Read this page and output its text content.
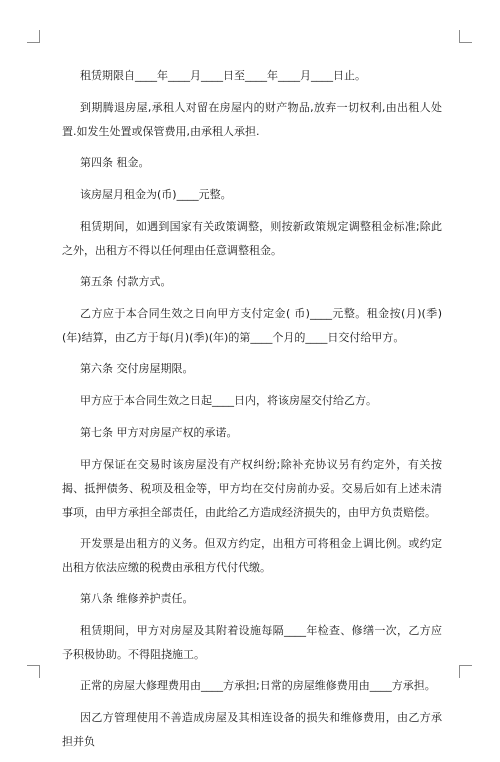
租赁期限自____年____月____日至____年____月____日止。

到期腾退房屋,承租人对留在房屋内的财产物品,放弃一切权利,由出租人处置.如发生处置或保管费用,由承租人承担.

第四条 租金。

该房屋月租金为(币)____元整。

租赁期间，如遇到国家有关政策调整，则按新政策规定调整租金标准;除此之外，出租方不得以任何理由任意调整租金。

第五条 付款方式。

乙方应于本合同生效之日向甲方支付定金( 币)____元整。租金按(月)(季)(年)结算，由乙方于每(月)(季)(年)的第____个月的____日交付给甲方。

第六条 交付房屋期限。

甲方应于本合同生效之日起____日内，将该房屋交付给乙方。

第七条 甲方对房屋产权的承诺。

甲方保证在交易时该房屋没有产权纠纷;除补充协议另有约定外，有关按揭、抵押债务、税项及租金等，甲方均在交付房前办妥。交易后如有上述未清事项，由甲方承担全部责任，由此给乙方造成经济损失的，由甲方负责赔偿。

开发票是出租方的义务。但双方约定，出租方可将租金上调比例。或约定出租方依法应缴的税费由承租方代付代缴。

第八条 维修养护责任。

租赁期间，甲方对房屋及其附着设施每隔____年检查、修缮一次，乙方应予积极协助。不得阻挠施工。

正常的房屋大修理费用由____方承担;日常的房屋维修费用由____方承担。

因乙方管理使用不善造成房屋及其相连设备的损失和维修费用，由乙方承担并负
